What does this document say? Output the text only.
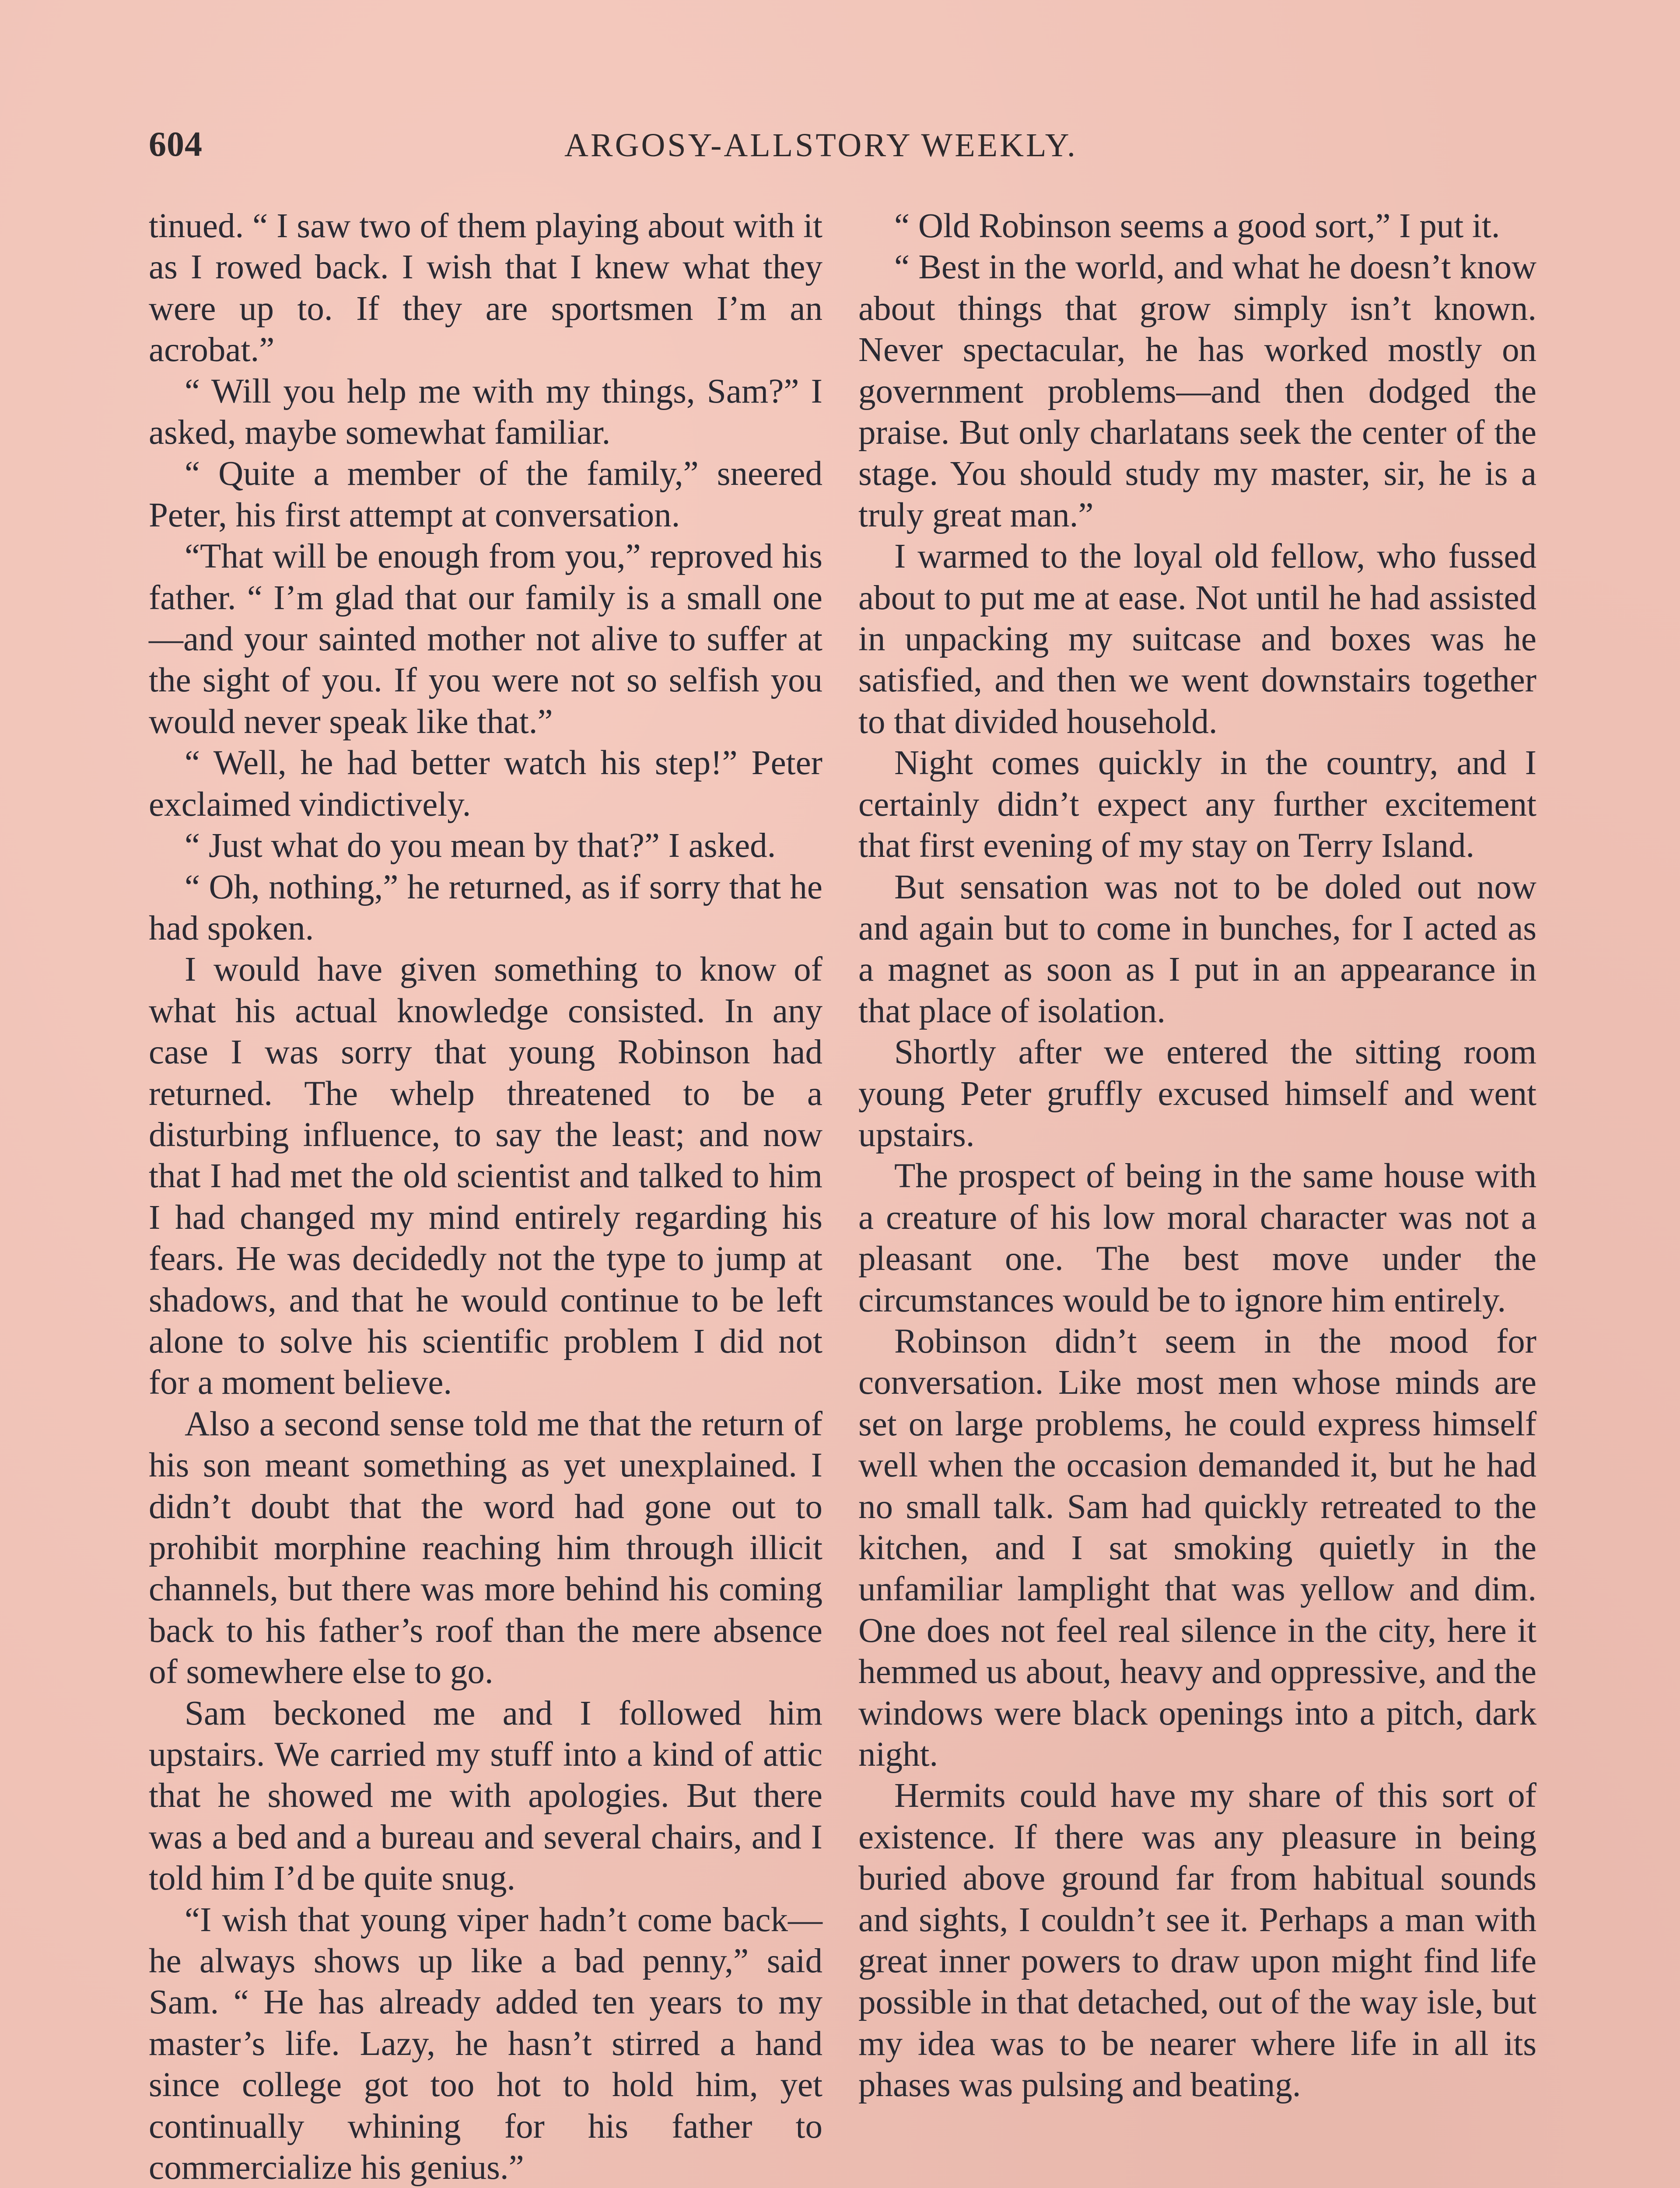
604	ARGOSY-ALLSTORY WEEKLY.

tinued. “ I saw two of them playing about with it as I rowed back. I wish that I knew what they were up to. If they are sportsmen I’m an acrobat.”

“ Will you help me with my things, Sam?” I asked, maybe somewhat familiar.

“ Quite a member of the family,” sneered Peter, his first attempt at conversation.

“That will be enough from you,” reproved his father. “ I’m glad that our family is a small one—and your sainted mother not alive to suffer at the sight of you. If you were not so selfish you would never speak like that.”

“ Well, he had better watch his step!” Peter exclaimed vindictively.

“ Just what do you mean by that?” I asked.

“ Oh, nothing,” he returned, as if sorry that he had spoken.

I would have given something to know of what his actual knowledge consisted. In any case I was sorry that young Robinson had returned. The whelp threatened to be a disturbing influence, to say the least; and now that I had met the old scientist and talked to him I had changed my mind entirely regarding his fears. He was decidedly not the type to jump at shadows, and that he would continue to be left alone to solve his scientific problem I did not for a moment believe.

Also a second sense told me that the return of his son meant something as yet unexplained. I didn’t doubt that the word had gone out to prohibit morphine reaching him through illicit channels, but there was more behind his coming back to his father’s roof than the mere absence of somewhere else to go.

Sam beckoned me and I followed him upstairs. We carried my stuff into a kind of attic that he showed me with apologies. But there was a bed and a bureau and several chairs, and I told him I’d be quite snug.

“I wish that young viper hadn’t come back—he always shows up like a bad penny,” said Sam. “ He has already added ten years to my master’s life. Lazy, he hasn’t stirred a hand since college got too hot to hold him, yet continually whining for his father to commercialize his genius.”

“ Old Robinson seems a good sort,” I put it.

“ Best in the world, and what he doesn’t know about things that grow simply isn’t known. Never spectacular, he has worked mostly on government problems—and then dodged the praise. But only charlatans seek the center of the stage. You should study my master, sir, he is a truly great man.”

I warmed to the loyal old fellow, who fussed about to put me at ease. Not until he had assisted in unpacking my suitcase and boxes was he satisfied, and then we went downstairs together to that divided household.

Night comes quickly in the country, and I certainly didn’t expect any further excitement that first evening of my stay on Terry Island.

But sensation was not to be doled out now and again but to come in bunches, for I acted as a magnet as soon as I put in an appearance in that place of isolation.

Shortly after we entered the sitting room young Peter gruffly excused himself and went upstairs.

The prospect of being in the same house with a creature of his low moral character was not a pleasant one. The best move under the circumstances would be to ignore him entirely.

Robinson didn’t seem in the mood for conversation. Like most men whose minds are set on large problems, he could express himself well when the occasion demanded it, but he had no small talk. Sam had quickly retreated to the kitchen, and I sat smoking quietly in the unfamiliar lamplight that was yellow and dim. One does not feel real silence in the city, here it hemmed us about, heavy and oppressive, and the windows were black openings into a pitch, dark night.

Hermits could have my share of this sort of existence. If there was any pleasure in being buried above ground far from habitual sounds and sights, I couldn’t see it. Perhaps a man with great inner powers to draw upon might find life possible in that detached, out of the way isle, but my idea was to be nearer where life in all its phases was pulsing and beating.
